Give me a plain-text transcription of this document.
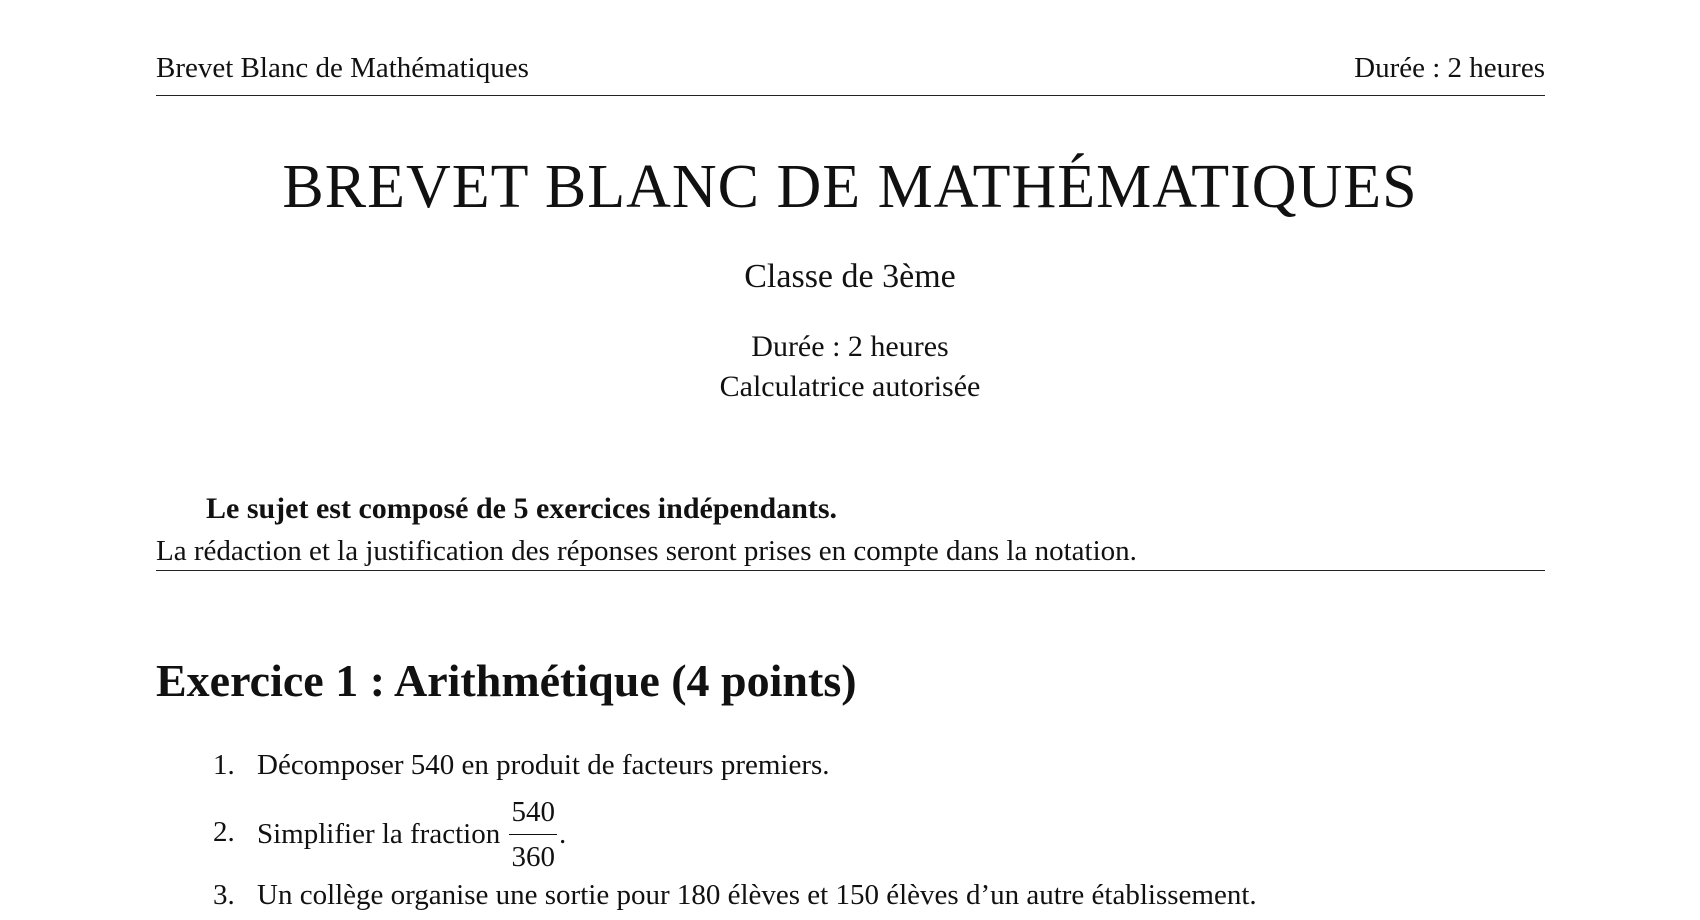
Brevet Blanc de Mathématiques	Durée : 2 heures
BREVET BLANC DE MATHÉMATIQUES
Classe de 3ème
Durée : 2 heures
Calculatrice autorisée
Le sujet est composé de 5 exercices indépendants.
La rédaction et la justification des réponses seront prises en compte dans la notation.
Exercice 1 : Arithmétique (4 points)
1. Décomposer 540 en produit de facteurs premiers.
2. Simplifier la fraction $\frac{540}{360}$ .
3. Un collège organise une sortie pour 180 élèves et 150 élèves d’un autre établissement.
